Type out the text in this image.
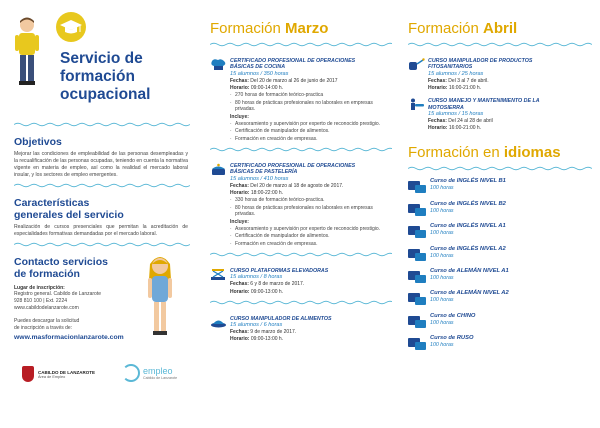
Servicio de
formación
ocupacional
Objetivos
Mejorar las condiciones de empleabilidad de las personas desempleadas y la recualificación de las personas ocupadas, teniendo en cuenta la normativa vigente en materia de empleo, así como la realidad el mercado laboral insular, y los sectores de empleo emergentes.
Características
generales del servicio
Realización de cursos presenciales que permitan la acreditación de especialidades formativas demandadas por el mercado laboral.
Contacto servicios
de formación
Lugar de inscripción:
Registro general. Cabildo de Lanzarote
928 810 100 | Ext. 2224
www.cabildodelanzarote.com
Puedes descargar la solicitud
de inscripción a través de:
www.masformacionlanzarote.com
CABILDO DE LANZAROTE
Área de Empleo
empleo
Cabildo de Lanzarote
Formación Marzo
CERTIFICADO PROFESIONAL DE OPERACIONES
BÁSICAS DE COCINA
15 alumnos / 350 horas
Fechas: Del 20 de marzo al 26 de junio de 2017
Horario: 09:00-14:00 h.
· 270 horas de formación teórico-practica
· 80 horas de prácticas profesionales no laborales en empresas privadas.
Incluye:
· Asesoramiento y supervisión por experto de reconocido prestigio.
· Certificación de manipulador de alimentos.
· Formación en creación de empresas.
CERTIFICADO PROFESIONAL DE OPERACIONES
BÁSICAS DE PASTELERÍA
15 alumnos / 410 horas
Fechas: Del 20 de marzo al 18 de agosto de 2017.
Horario: 18:00-22:00 h.
· 330 horas de formación teórico-practica.
· 80 horas de prácticas profesionales no laborales en empresas privadas.
Incluye:
· Asesoramiento y supervisión por experto de reconocido prestigio.
· Certificación de manipulador de alimentos.
· Formación en creación de empresas.
CURSO PLATAFORMAS ELEVADORAS
15 alumnos / 8 horas
Fechas: 6 y 8 de marzo de 2017.
Horario: 09:00-13:00 h.
CURSO MANIPULADOR DE ALIMENTOS
15 alumnos / 6 horas
Fechas: 9 de marzo de 2017.
Horario: 09:00-13:00 h.
Formación Abril
CURSO MANIPULADOR DE PRODUCTOS
FITOSANITARIOS
15 alumnos / 25 horas
Fechas: Del 3 al 7 de abril.
Horario: 16:00-21:00 h.
CURSO MANEJO Y MANTENIMIENTO DE LA
MOTOSIERRA
15 alumnos / 15 horas
Fechas: Del 24 al 28 de abril
Horario: 16:00-21:00 h.
Formación en idiomas
Curso de INGLÉS NIVEL B1
100 horas
Curso de INGLÉS NIVEL B2
100 horas
Curso de INGLÉS NIVEL A1
100 horas
Curso de INGLÉS NIVEL A2
100 horas
Curso de ALEMÁN NIVEL A1
100 horas
Curso de ALEMÁN NIVEL A2
100 horas
Curso de CHINO
100 horas
Curso de RUSO
100 horas
